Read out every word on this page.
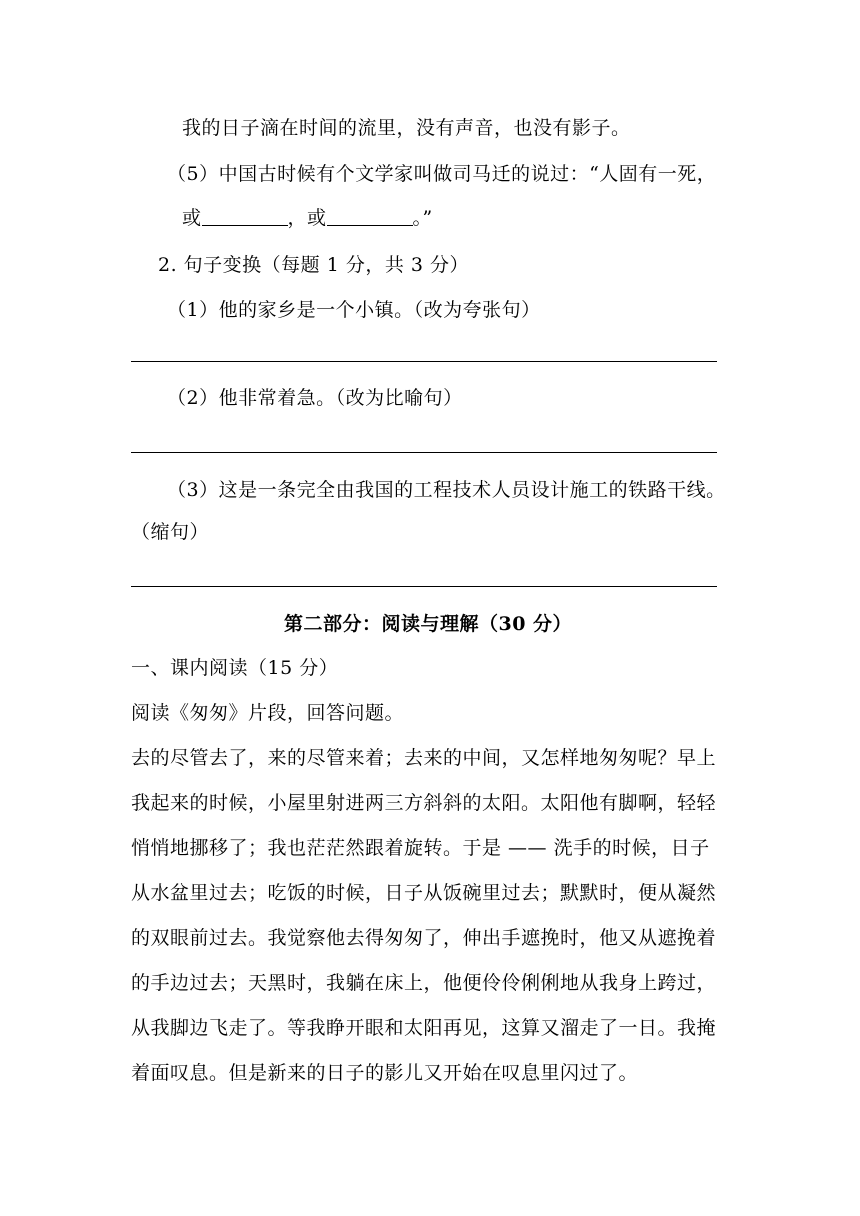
我的日子滴在时间的流里，没有声音，也没有影子。
（5）中国古时候有个文学家叫做司马迁的说过：“人固有一死，
或	，或	。”
2. 句子变换（每题 1 分，共 3 分）
（1）他的家乡是一个小镇。（改为夸张句）
（2）他非常着急。（改为比喻句）
（3）这是一条完全由我国的工程技术人员设计施工的铁路干线。
（缩句）
第二部分：阅读与理解（30 分）
一、课内阅读（15 分）
阅读《匆匆》片段，回答问题。
去的尽管去了，来的尽管来着；去来的中间，又怎样地匆匆呢？早上
我起来的时候，小屋里射进两三方斜斜的太阳。太阳他有脚啊，轻轻
悄悄地挪移了；我也茫茫然跟着旋转。于是 —— 洗手的时候，日子
从水盆里过去；吃饭的时候，日子从饭碗里过去；默默时，便从凝然
的双眼前过去。我觉察他去得匆匆了，伸出手遮挽时，他又从遮挽着
的手边过去；天黑时，我躺在床上，他便伶伶俐俐地从我身上跨过，
从我脚边飞走了。等我睁开眼和太阳再见，这算又溜走了一日。我掩
着面叹息。但是新来的日子的影儿又开始在叹息里闪过了。
